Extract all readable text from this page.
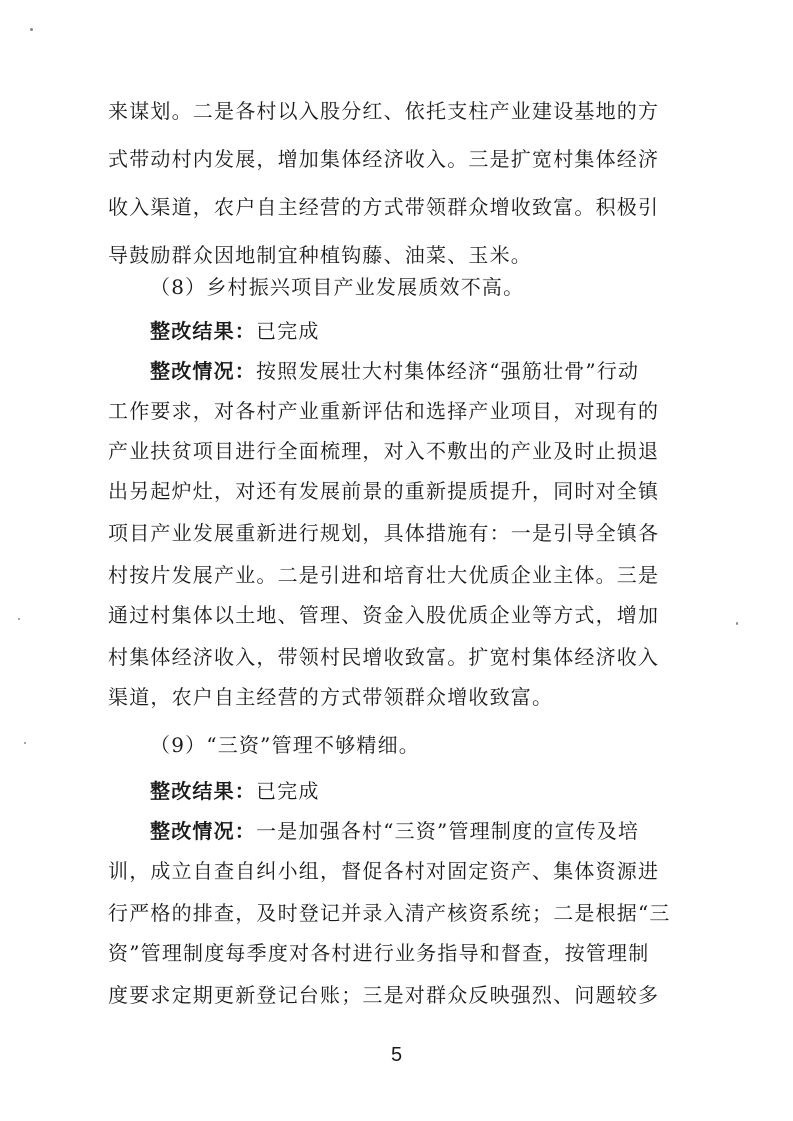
来谋划。二是各村以入股分红、依托支柱产业建设基地的方
式带动村内发展，增加集体经济收入。三是扩宽村集体经济
收入渠道，农户自主经营的方式带领群众增收致富。积极引
导鼓励群众因地制宜种植钩藤、油菜、玉米。
（8）乡村振兴项目产业发展质效不高。
整改结果：已完成
整改情况：按照发展壮大村集体经济“强筋壮骨”行动
工作要求，对各村产业重新评估和选择产业项目，对现有的
产业扶贫项目进行全面梳理，对入不敷出的产业及时止损退
出另起炉灶，对还有发展前景的重新提质提升，同时对全镇
项目产业发展重新进行规划，具体措施有：一是引导全镇各
村按片发展产业。二是引进和培育壮大优质企业主体。三是
通过村集体以土地、管理、资金入股优质企业等方式，增加
村集体经济收入，带领村民增收致富。扩宽村集体经济收入
渠道，农户自主经营的方式带领群众增收致富。
（9）“三资”管理不够精细。
整改结果：已完成
整改情况：一是加强各村“三资”管理制度的宣传及培
训，成立自查自纠小组，督促各村对固定资产、集体资源进
行严格的排查，及时登记并录入清产核资系统；二是根据“三
资”管理制度每季度对各村进行业务指导和督查，按管理制
度要求定期更新登记台账；三是对群众反映强烈、问题较多
5
